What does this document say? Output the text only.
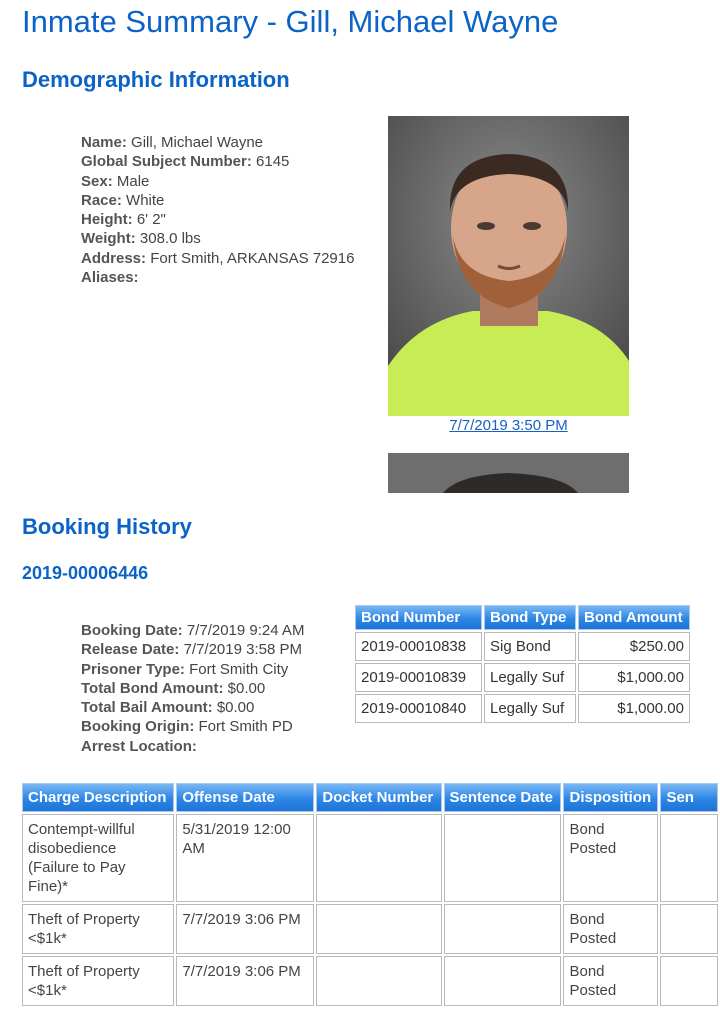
Inmate Summary - Gill, Michael Wayne
Demographic Information
Name: Gill, Michael Wayne
Global Subject Number: 6145
Sex: Male
Race: White
Height: 6' 2"
Weight: 308.0 lbs
Address: Fort Smith, ARKANSAS 72916
Aliases:
7/7/2019 3:50 PM
Booking History
2019-00006446
Booking Date: 7/7/2019 9:24 AM
Release Date: 7/7/2019 3:58 PM
Prisoner Type: Fort Smith City
Total Bond Amount: $0.00
Total Bail Amount: $0.00
Booking Origin: Fort Smith PD
Arrest Location:
Bond Number	Bond Type	Bond Amount
2019-00010838	Sig Bond	$250.00
2019-00010839	Legally Suf	$1,000.00
2019-00010840	Legally Suf	$1,000.00
Charge Description	Offense Date	Docket Number	Sentence Date	Disposition	Sen
Contempt-willful disobedience (Failure to Pay Fine)*	5/31/2019 12:00 AM			Bond Posted	
Theft of Property <$1k*	7/7/2019 3:06 PM			Bond Posted	
Theft of Property <$1k*	7/7/2019 3:06 PM			Bond Posted	
